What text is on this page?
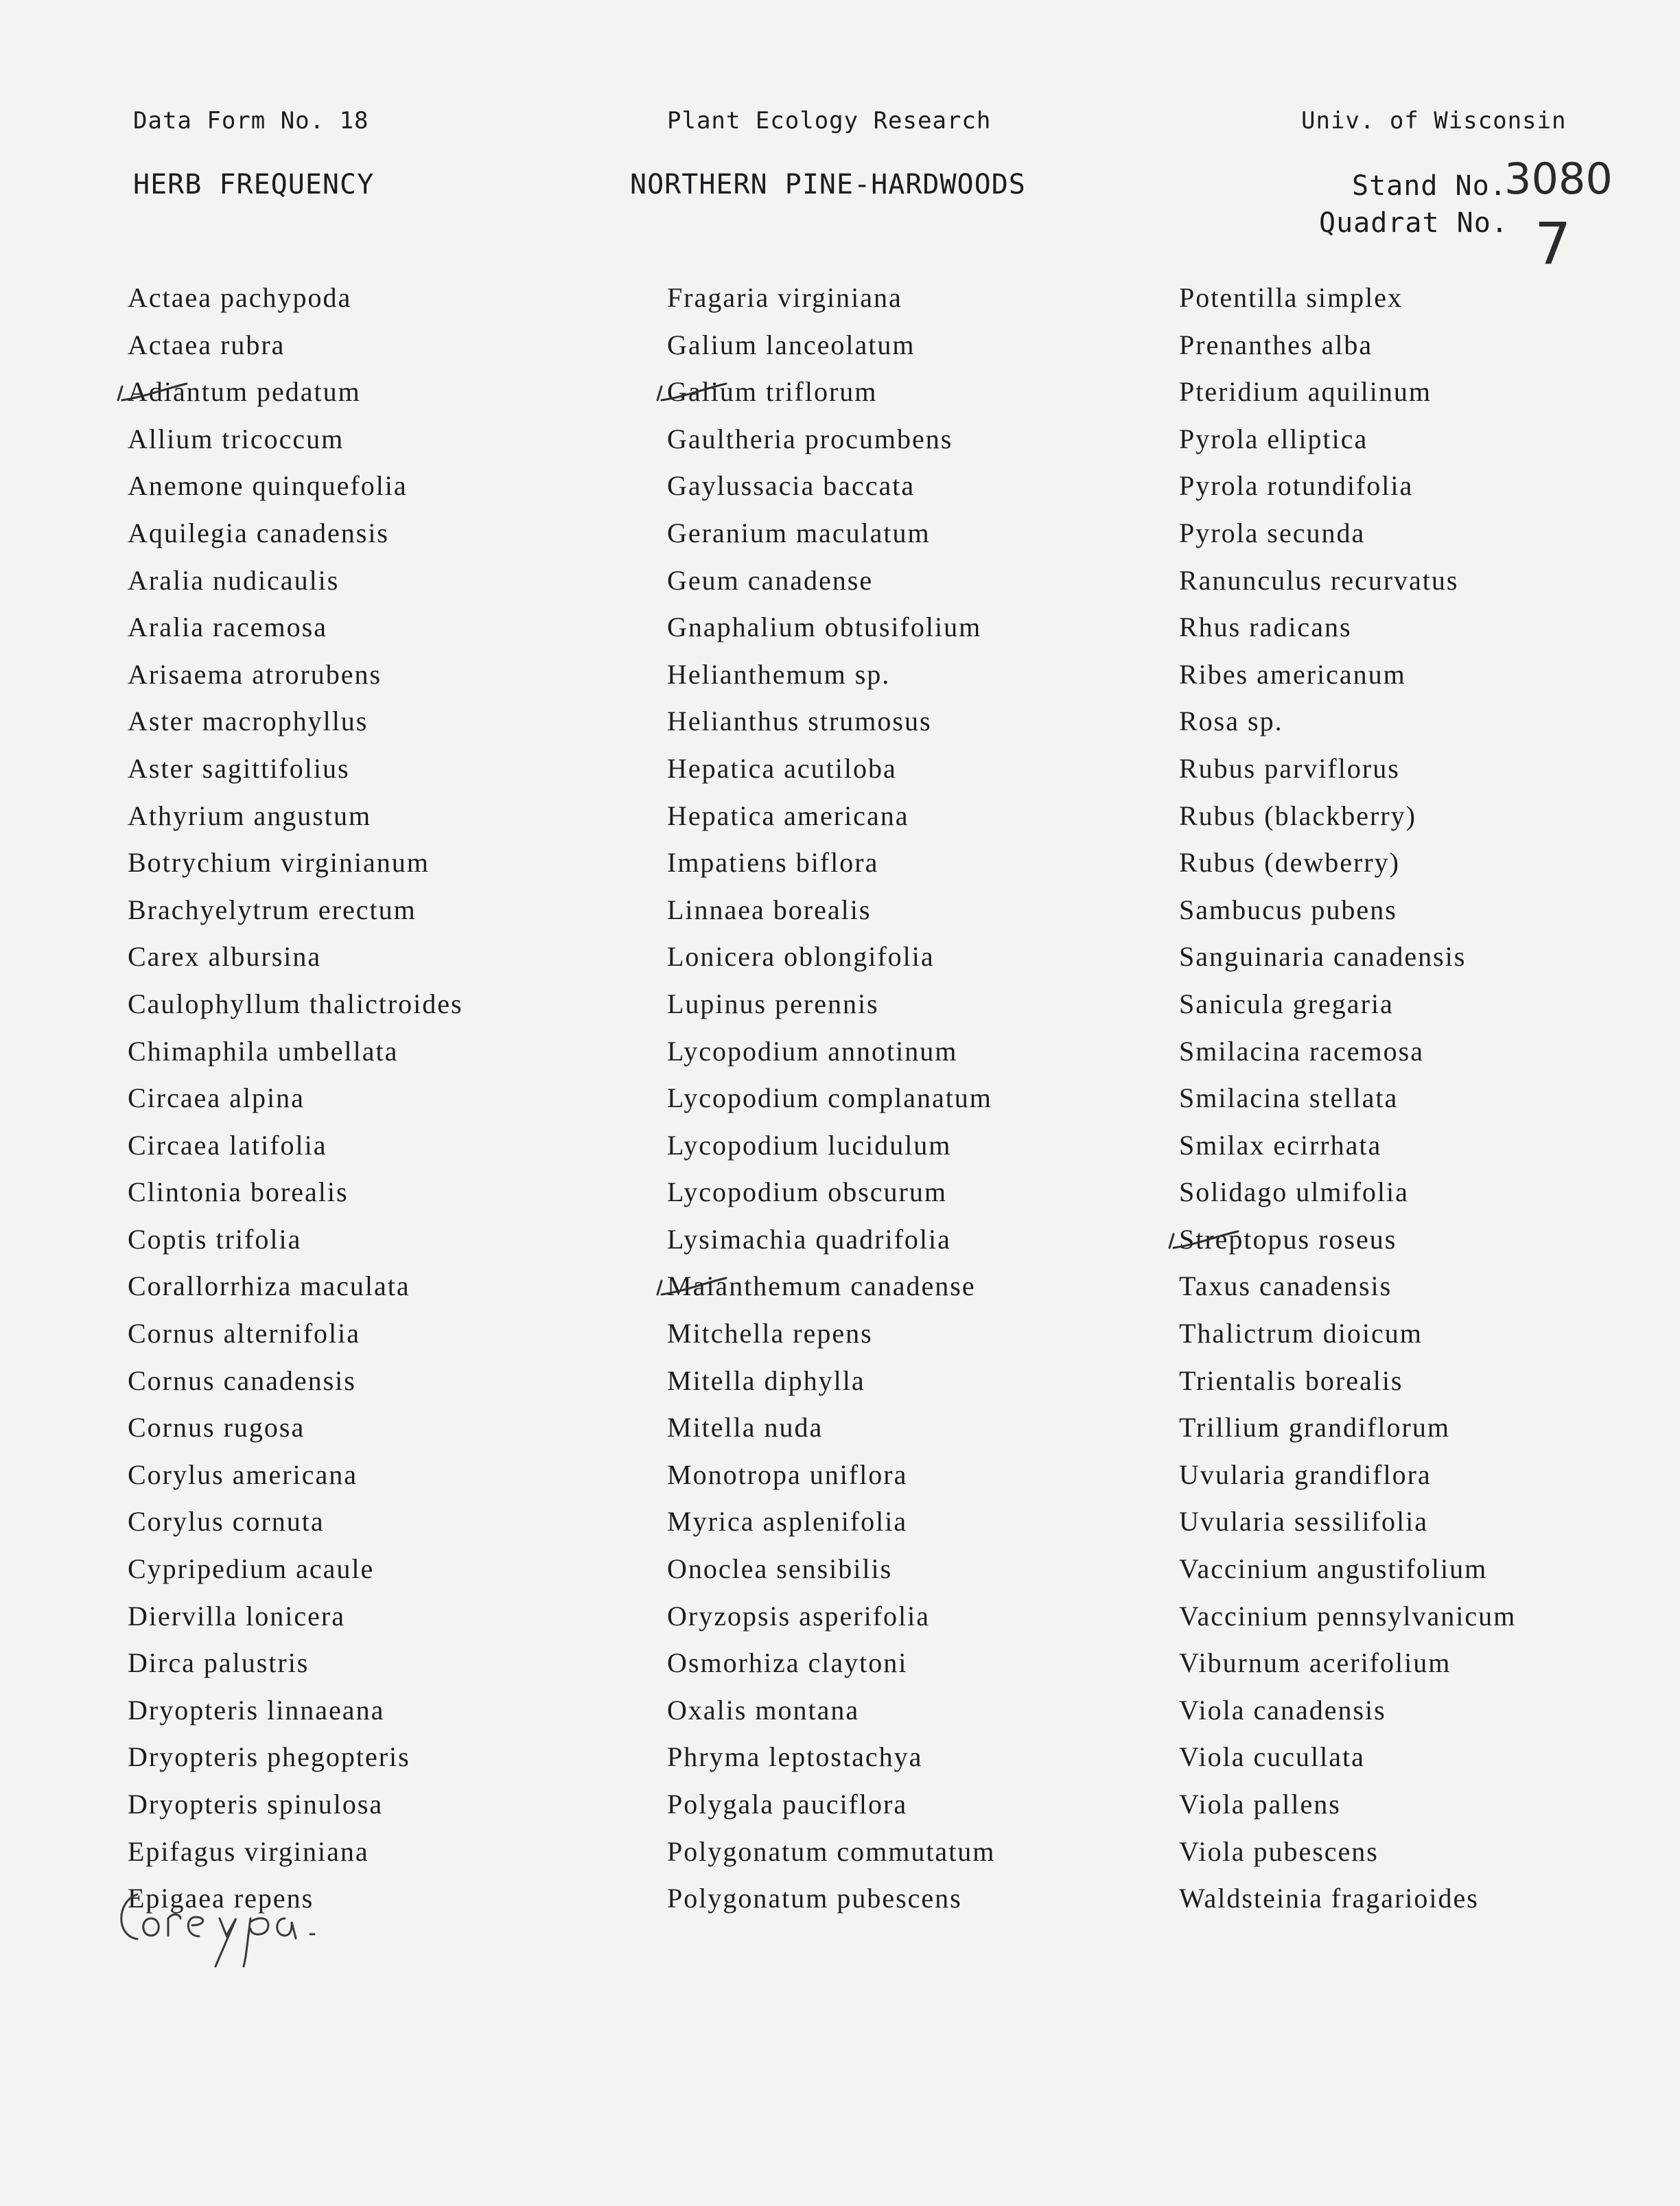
Data Form No. 18	Plant Ecology Research	Univ. of Wisconsin
HERB FREQUENCY	NORTHERN PINE-HARDWOODS	Stand No.
3080
Quadrat No. 7
Actaea pachypoda
Actaea rubra
Adiantum pedatum
Allium tricoccum
Anemone quinquefolia
Aquilegia canadensis
Aralia nudicaulis
Aralia racemosa
Arisaema atrorubens
Aster macrophyllus
Aster sagittifolius
Athyrium angustum
Botrychium virginianum
Brachyelytrum erectum
Carex albursina
Caulophyllum thalictroides
Chimaphila umbellata
Circaea alpina
Circaea latifolia
Clintonia borealis
Coptis trifolia
Corallorrhiza maculata
Cornus alternifolia
Cornus canadensis
Cornus rugosa
Corylus americana
Corylus cornuta
Cypripedium acaule
Diervilla lonicera
Dirca palustris
Dryopteris linnaeana
Dryopteris phegopteris
Dryopteris spinulosa
Epifagus virginiana
Epigaea repens
Fragaria virginiana
Galium lanceolatum
Galium triflorum
Gaultheria procumbens
Gaylussacia baccata
Geranium maculatum
Geum canadense
Gnaphalium obtusifolium
Helianthemum sp.
Helianthus strumosus
Hepatica acutiloba
Hepatica americana
Impatiens biflora
Linnaea borealis
Lonicera oblongifolia
Lupinus perennis
Lycopodium annotinum
Lycopodium complanatum
Lycopodium lucidulum
Lycopodium obscurum
Lysimachia quadrifolia
Maianthemum canadense
Mitchella repens
Mitella diphylla
Mitella nuda
Monotropa uniflora
Myrica asplenifolia
Onoclea sensibilis
Oryzopsis asperifolia
Osmorhiza claytoni
Oxalis montana
Phryma leptostachya
Polygala pauciflora
Polygonatum commutatum
Polygonatum pubescens
Potentilla simplex
Prenanthes alba
Pteridium aquilinum
Pyrola elliptica
Pyrola rotundifolia
Pyrola secunda
Ranunculus recurvatus
Rhus radicans
Ribes americanum
Rosa sp.
Rubus parviflorus
Rubus (blackberry)
Rubus (dewberry)
Sambucus pubens
Sanguinaria canadensis
Sanicula gregaria
Smilacina racemosa
Smilacina stellata
Smilax ecirrhata
Solidago ulmifolia
Streptopus roseus
Taxus canadensis
Thalictrum dioicum
Trientalis borealis
Trillium grandiflorum
Uvularia grandiflora
Uvularia sessilifolia
Vaccinium angustifolium
Vaccinium pennsylvanicum
Viburnum acerifolium
Viola canadensis
Viola cucullata
Viola pallens
Viola pubescens
Waldsteinia fragarioides
